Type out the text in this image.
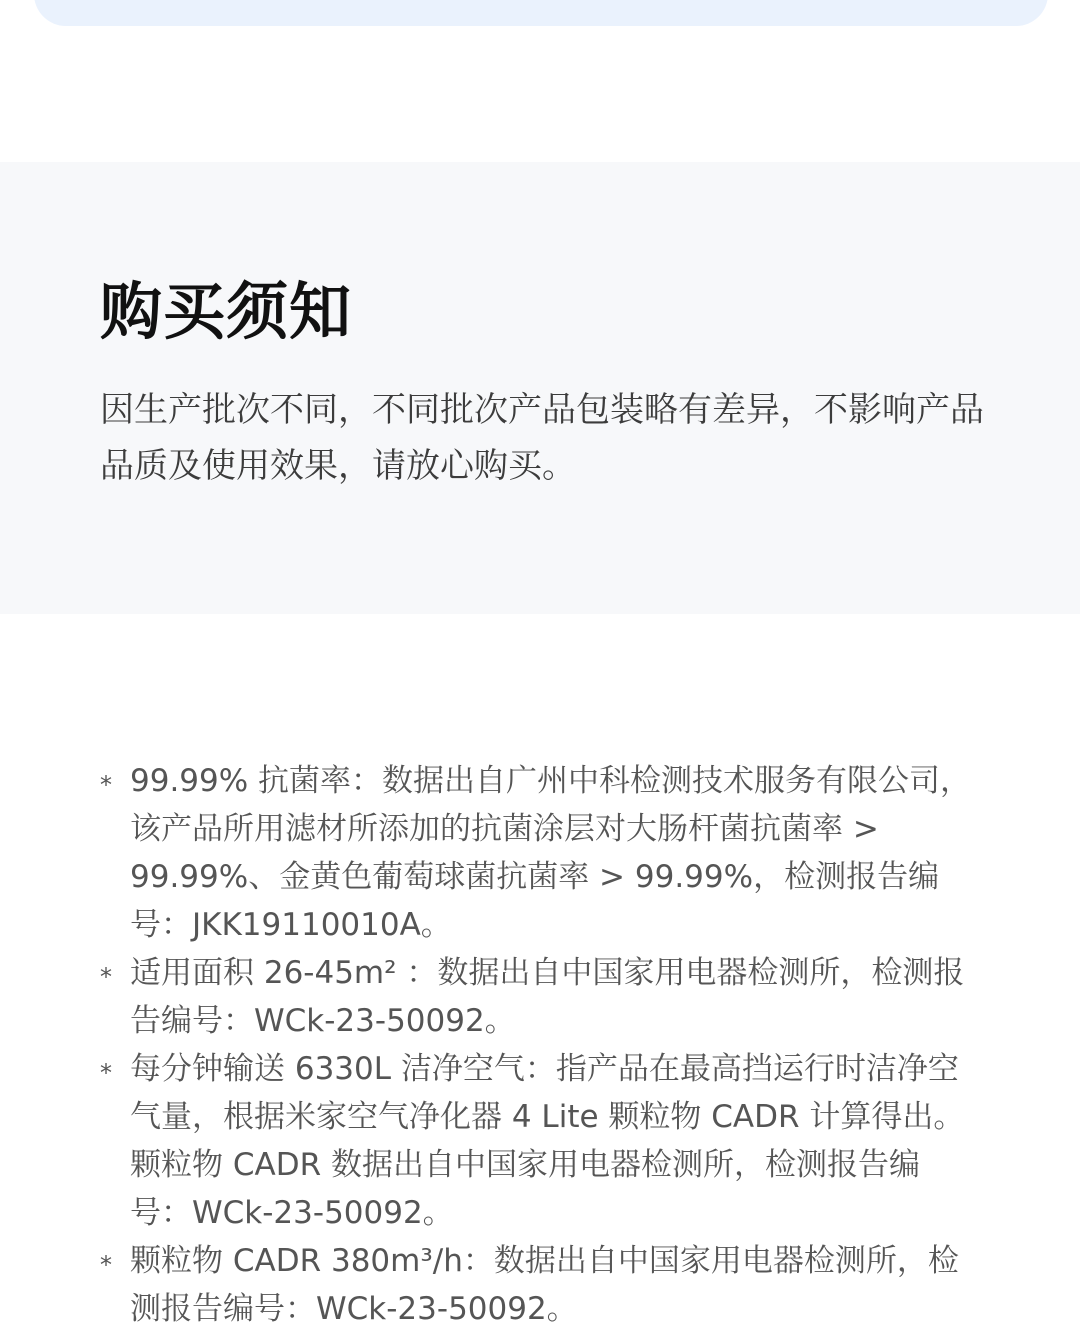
购买须知

因生产批次不同，不同批次产品包装略有差异，不影响产品品质及使用效果，请放心购买。

* 99.99% 抗菌率：数据出自广州中科检测技术服务有限公司，该产品所用滤材所添加的抗菌涂层对大肠杆菌抗菌率 > 99.99%、金黄色葡萄球菌抗菌率 > 99.99%，检测报告编号：JKK19110010A。
* 适用面积 26-45m² ：数据出自中国家用电器检测所，检测报告编号：WCk-23-50092。
* 每分钟输送 6330L 洁净空气：指产品在最高挡运行时洁净空气量，根据米家空气净化器 4 Lite 颗粒物 CADR 计算得出。颗粒物 CADR 数据出自中国家用电器检测所，检测报告编号：WCk-23-50092。
* 颗粒物 CADR 380m³/h：数据出自中国家用电器检测所，检测报告编号：WCk-23-50092。
